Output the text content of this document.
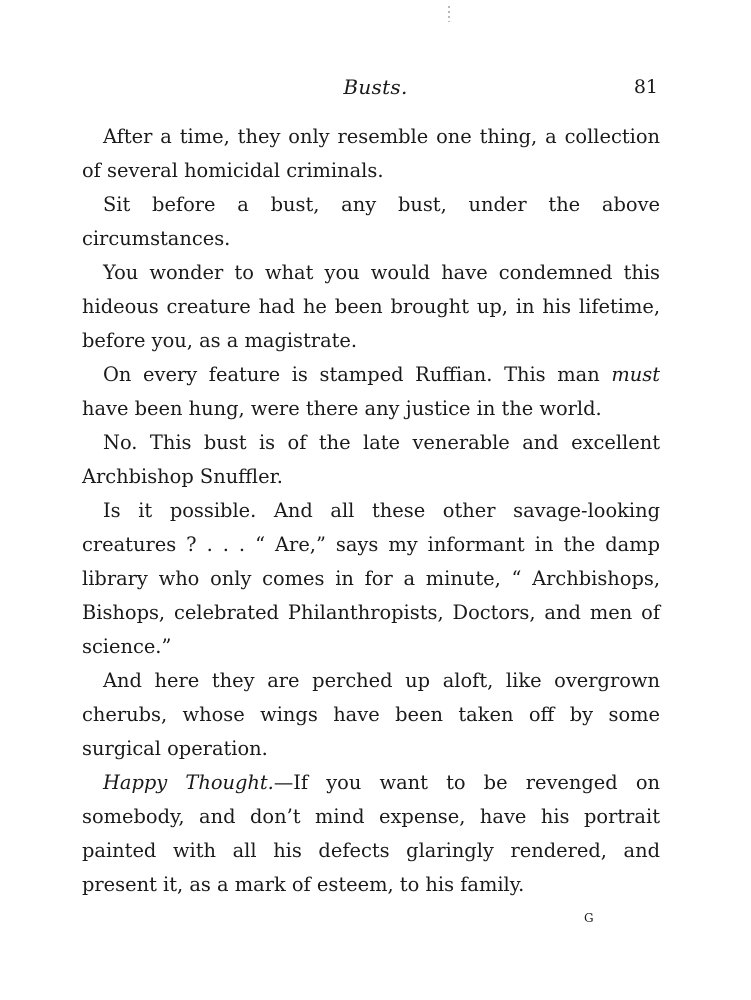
Busts.	81

After a time, they only resemble one thing, a collection of several homicidal criminals.

Sit before a bust, any bust, under the above circumstances.

You wonder to what you would have condemned this hideous creature had he been brought up, in his lifetime, before you, as a magistrate.

On every feature is stamped Ruffian. This man must have been hung, were there any justice in the world.

No. This bust is of the late venerable and excellent Archbishop Snuffler.

Is it possible. And all these other savage-looking creatures ? . . . “ Are,” says my informant in the damp library who only comes in for a minute, “ Archbishops, Bishops, celebrated Philanthropists, Doctors, and men of science.”

And here they are perched up aloft, like overgrown cherubs, whose wings have been taken off by some surgical operation.

Happy Thought.—If you want to be revenged on somebody, and don’t mind expense, have his portrait painted with all his defects glaringly rendered, and present it, as a mark of esteem, to his family.

G
